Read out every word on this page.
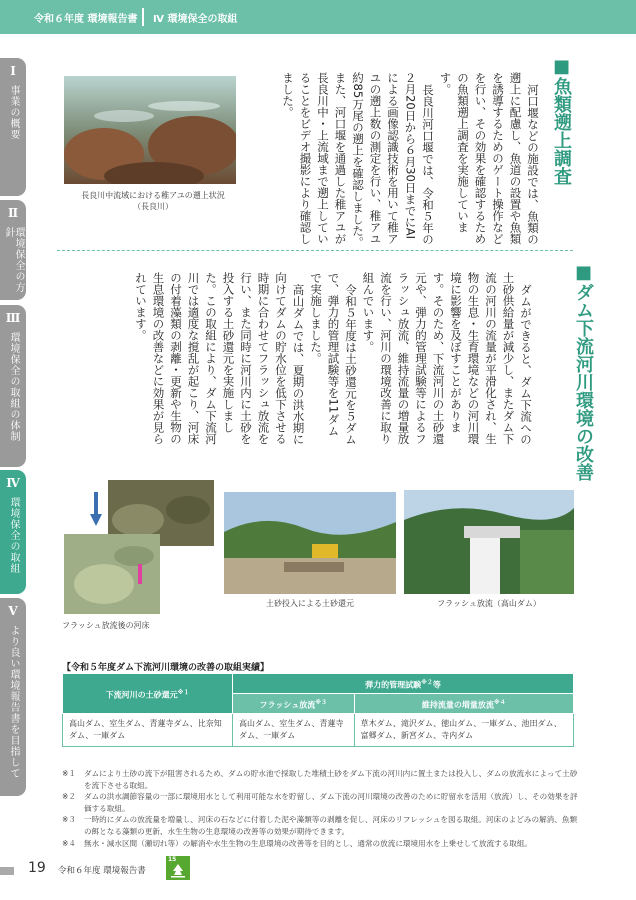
令和６年度 環境報告書 Ⅳ 環境保全の取組
Ⅰ
事業の概要
Ⅱ
環境保全の方針
Ⅲ
環境保全の取組の体制
Ⅳ
環境保全の取組
Ⅴ
より良い環境報告書を目指して
■魚類遡上調査

河口堰などの施設では、魚類の遡上に配慮し、魚道の設置や魚類を誘導するためのゲート操作などを行い、その効果を確認するための魚類遡上調査を実施しています。

長良川河口堰では、令和５年の２月20日から６月30日までにAIによる画像認識技術を用いて稚アユの遡上数の測定を行い、稚アユ約85万尾の遡上を確認しました。また、河口堰を通過した稚アユが長良川中・上流域まで遡上していることをビデオ撮影により確認しました。

長良川中流域における稚アユの遡上状況
（長良川）
■ダム下流河川環境の改善

ダムができると、ダム下流への土砂供給量が減少し、またダム下流の河川の流量が平滑化され、生物の生息・生育環境などの河川環境に影響を及ぼすことがあります。そのため、下流河川の土砂還元や、弾力的管理試験等によるフラッシュ放流、維持流量の増量放流を行い、河川の環境改善に取り組んでいます。

令和５年度は土砂還元を５ダムで、弾力的管理試験等を11ダムで実施しました。

高山ダムでは、夏期の洪水期に向けてダムの貯水位を低下させる時期に合わせてフラッシュ放流を行い、また同時に河川内に土砂を投入する土砂還元を実施しました。この取組により、ダム下流河川では適度な撹乱が起こり、河床の付着藻類の剥離・更新や生物の生息環境の改善などに効果が見られています。

フラッシュ放流後の河床
土砂投入による土砂還元	フラッシュ放流（高山ダム）
【令和５年度ダム下流河川環境の改善の取組実績】
下流河川の土砂還元$^{※1}$	弾力的管理試験$^{※2}$等	
	フラッシュ放流$^{※3}$	維持流量の増量放流$^{※4}$
高山ダム、室生ダム、青蓮寺ダム、比奈知ダム、一庫ダム	高山ダム、室生ダム、青蓮寺ダム、一庫ダム	草木ダム、滝沢ダム、徳山ダム、一庫ダム、池田ダム、富郷ダム、新宮ダム、寺内ダム
※１	ダムにより土砂の流下が阻害されるため、ダムの貯水池で採取した堆積土砂をダム下流の河川内に置土または投入し、ダムの放流水によって土砂を流下させる取組。
※２	ダムの洪水調節容量の一部に環境用水として利用可能な水を貯留し、ダム下流の河川環境の改善のために貯留水を活用（放流）し、その効果を評価する取組。
※３	一時的にダムの放流量を増量し、河床の石などに付着した泥や藻類等の剥離を促し、河床のリフレッシュを図る取組。河床のよどみの解消、魚類の餌となる藻類の更新、水生生物の生息環境の改善等の効果が期待できます。
※４	無水・減水区間（瀬切れ等）の解消や水生生物の生息環境の改善等を目的とし、通常の放流に環境用水を上乗せして放流する取組。
19 令和６年度 環境報告書
15
